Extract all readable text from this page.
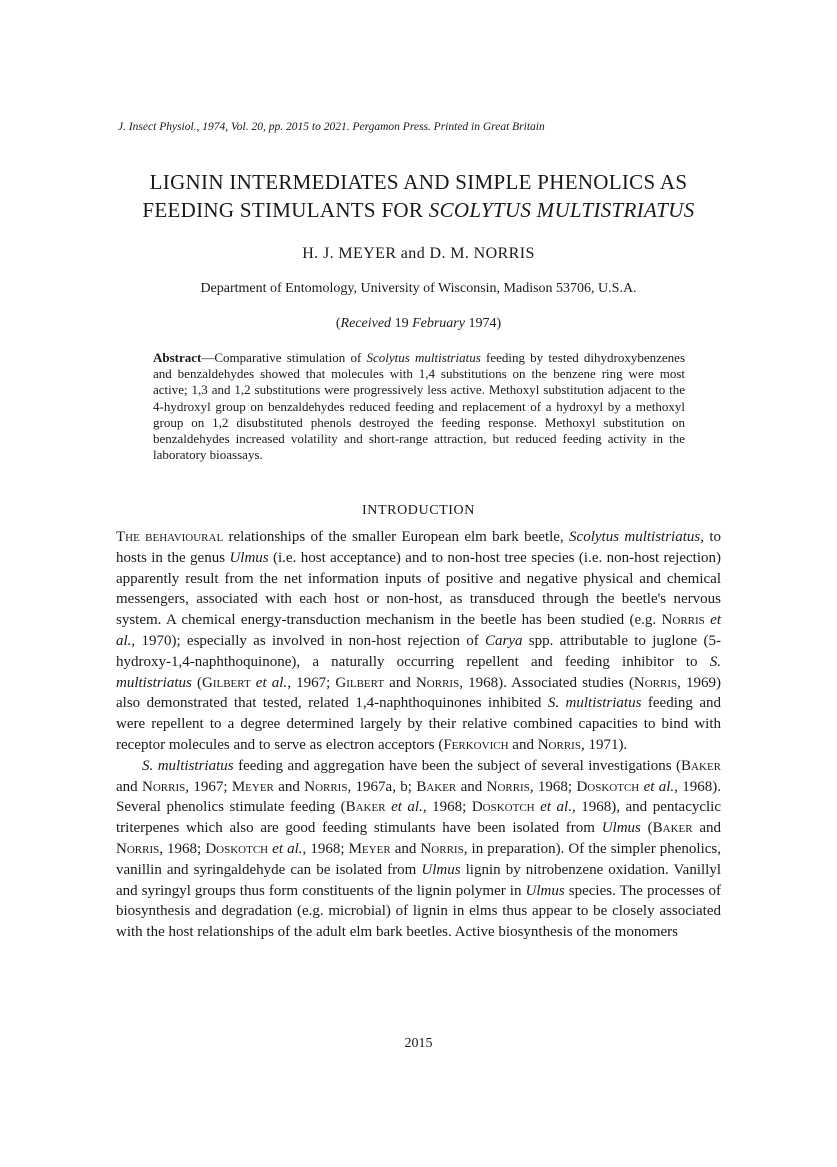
J. Insect Physiol., 1974, Vol. 20, pp. 2015 to 2021. Pergamon Press. Printed in Great Britain
LIGNIN INTERMEDIATES AND SIMPLE PHENOLICS AS
FEEDING STIMULANTS FOR SCOLYTUS MULTISTRIATUS
H. J. MEYER and D. M. NORRIS
Department of Entomology, University of Wisconsin, Madison 53706, U.S.A.
(Received 19 February 1974)
Abstract—Comparative stimulation of Scolytus multistriatus feeding by tested dihydroxybenzenes and benzaldehydes showed that molecules with 1,4 substitutions on the benzene ring were most active; 1,3 and 1,2 substitutions were progressively less active. Methoxyl substitution adjacent to the 4-hydroxyl group on benzaldehydes reduced feeding and replacement of a hydroxyl by a methoxyl group on 1,2 disubstituted phenols destroyed the feeding response. Methoxyl substitution on benzaldehydes increased volatility and short-range attraction, but reduced feeding activity in the laboratory bioassays.
INTRODUCTION

The behavioural relationships of the smaller European elm bark beetle, Scolytus multistriatus, to hosts in the genus Ulmus (i.e. host acceptance) and to non-host tree species (i.e. non-host rejection) apparently result from the net information inputs of positive and negative physical and chemical messengers, associated with each host or non-host, as transduced through the beetle's nervous system. A chemical energy-transduction mechanism in the beetle has been studied (e.g. Norris et al., 1970); especially as involved in non-host rejection of Carya spp. attributable to juglone (5-hydroxy-1,4-naphthoquinone), a naturally occurring repellent and feeding inhibitor to S. multistriatus (Gilbert et al., 1967; Gilbert and Norris, 1968). Associated studies (Norris, 1969) also demonstrated that tested, related 1,4-naphthoquinones inhibited S. multistriatus feeding and were repellent to a degree determined largely by their relative combined capacities to bind with receptor molecules and to serve as electron acceptors (Ferkovich and Norris, 1971).

S. multistriatus feeding and aggregation have been the subject of several investigations (Baker and Norris, 1967; Meyer and Norris, 1967a, b; Baker and Norris, 1968; Doskotch et al., 1968). Several phenolics stimulate feeding (Baker et al., 1968; Doskotch et al., 1968), and pentacyclic triterpenes which also are good feeding stimulants have been isolated from Ulmus (Baker and Norris, 1968; Doskotch et al., 1968; Meyer and Norris, in preparation). Of the simpler phenolics, vanillin and syringaldehyde can be isolated from Ulmus lignin by nitrobenzene oxidation. Vanillyl and syringyl groups thus form constituents of the lignin polymer in Ulmus species. The processes of biosynthesis and degradation (e.g. microbial) of lignin in elms thus appear to be closely associated with the host relationships of the adult elm bark beetles. Active biosynthesis of the monomers

2015
